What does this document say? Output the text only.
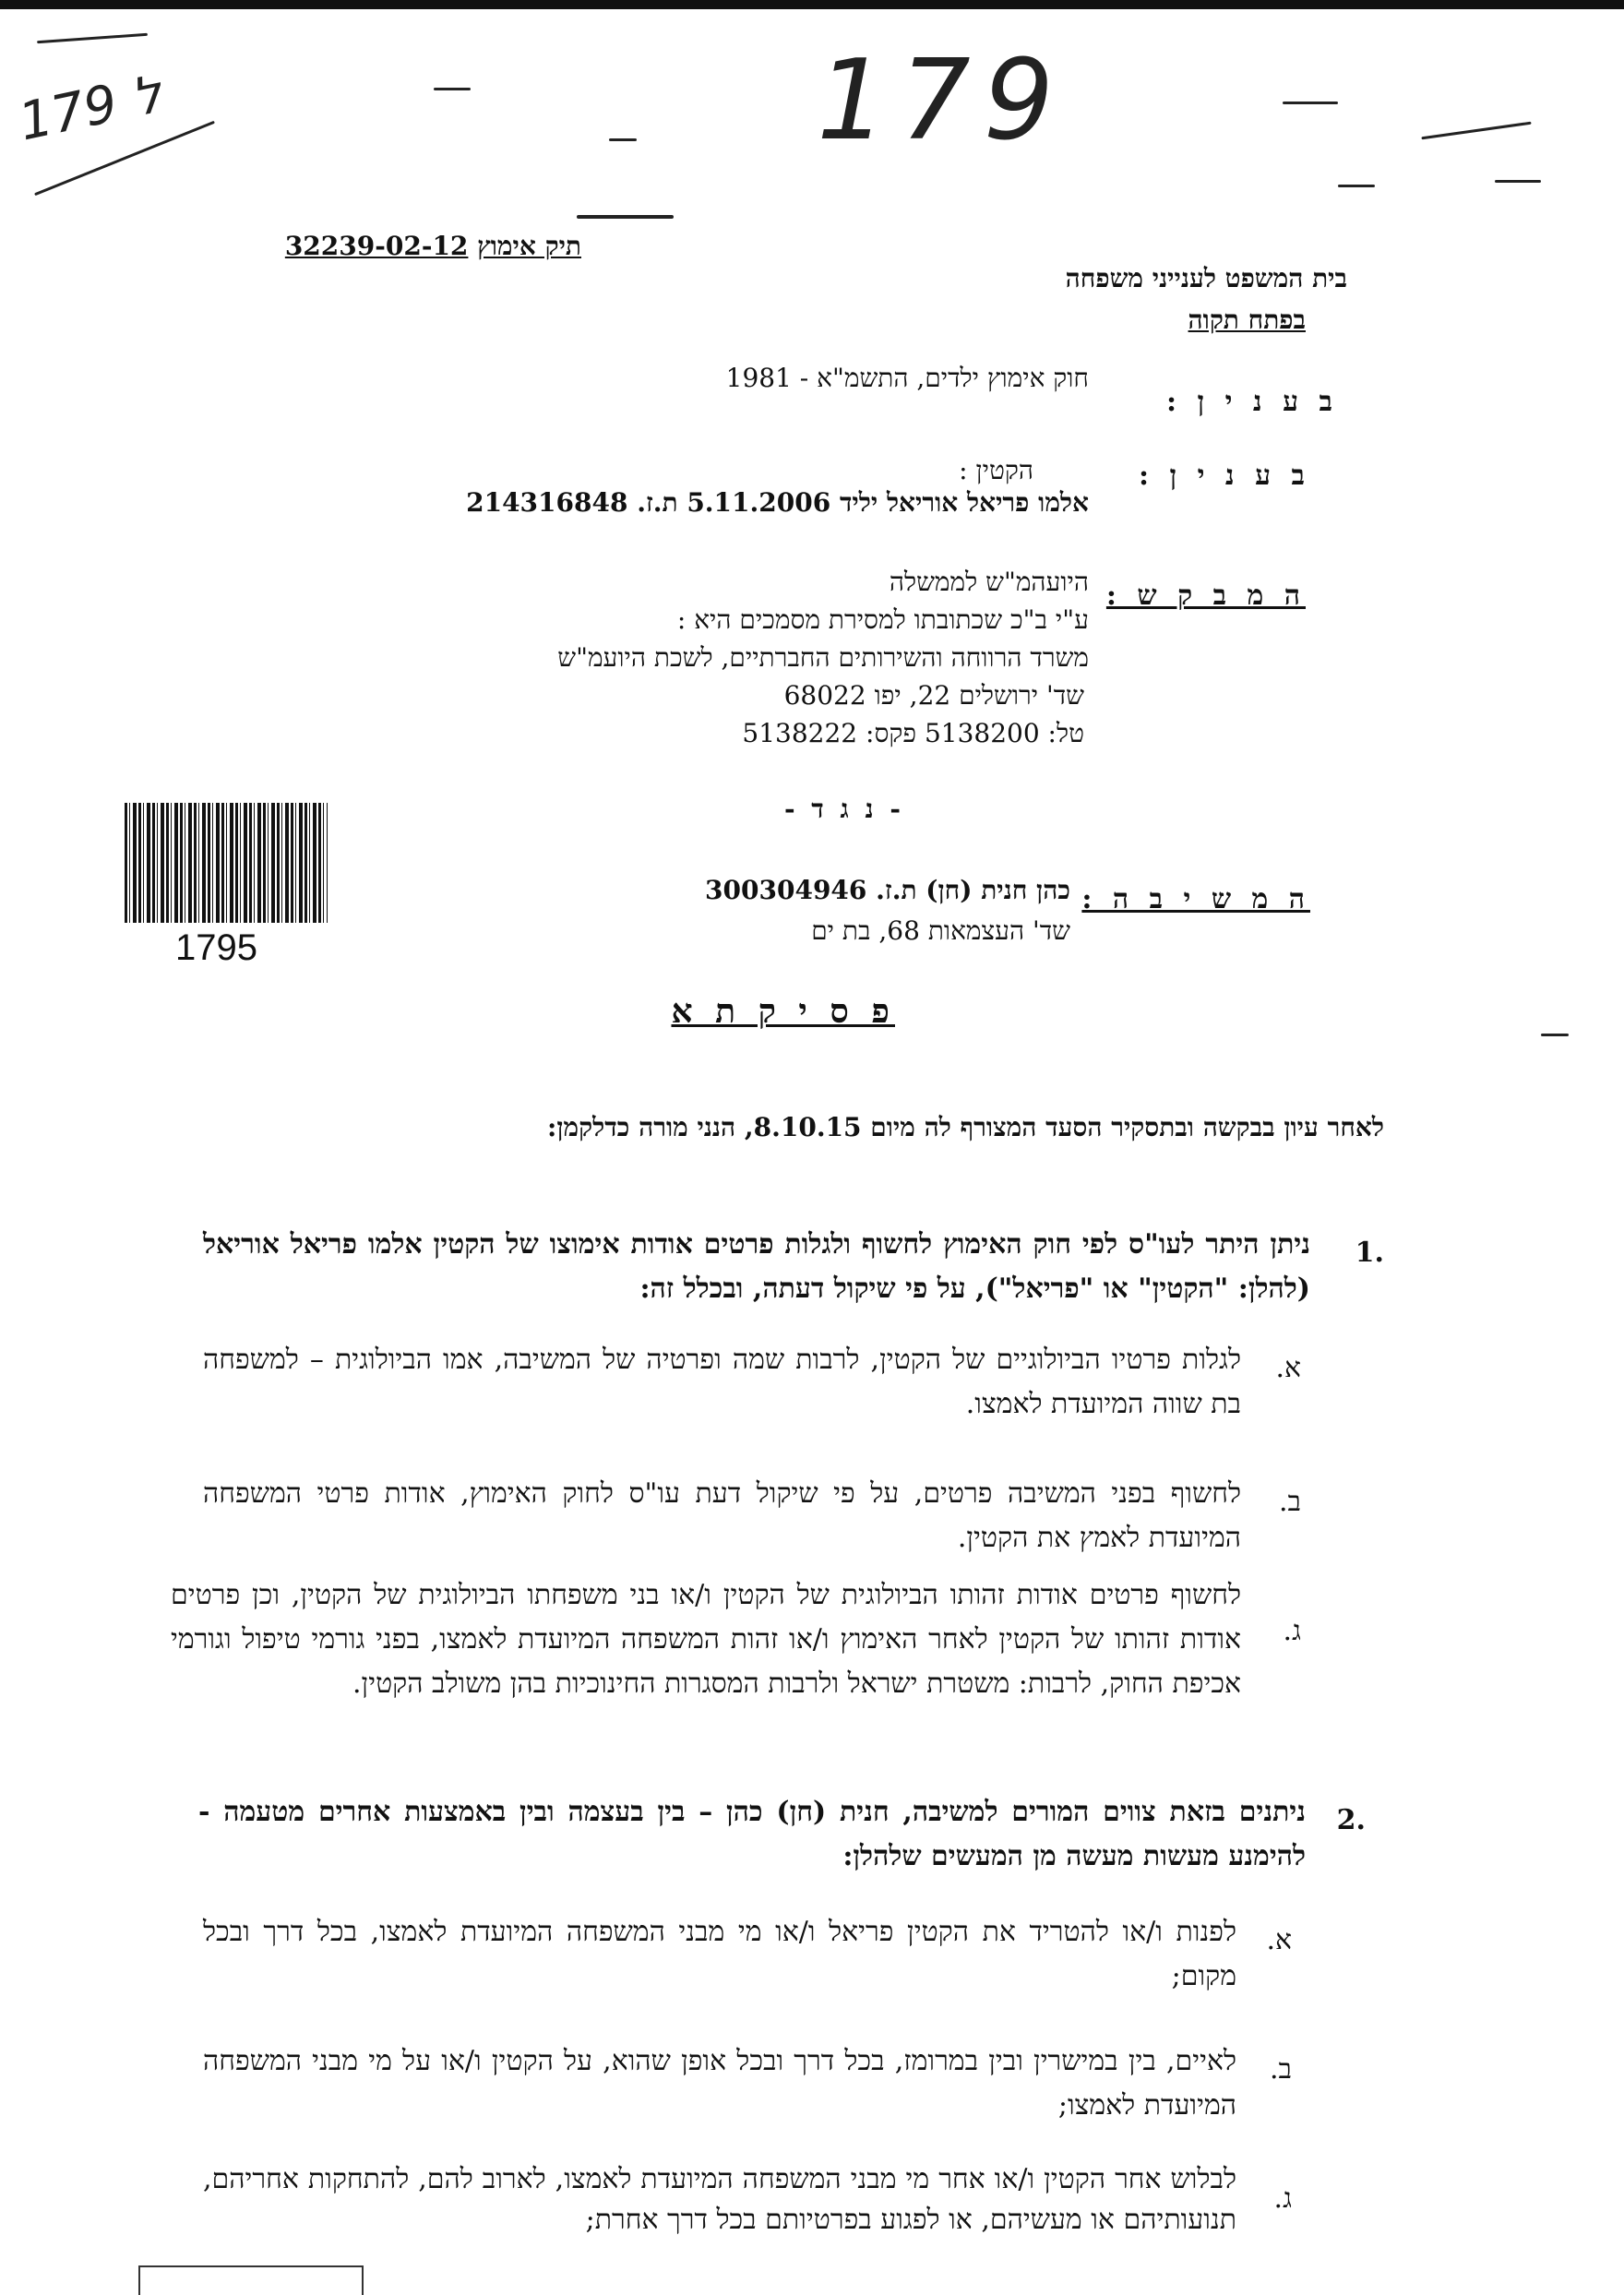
ל 179	179
תיק אימוץ 32239-02-12
בית המשפט לענייני משפחה
בפתח תקוה
ב ע נ י ן :
חוק אימוץ ילדים, התשמ"א - 1981
ב ע נ י ן :
הקטין :
אלמו פריאל אוריאל יליד 5.11.2006 ת.ז. 214316848
ה מ ב ק ש :
היועהמ"ש לממשלה
ע"י ב"כ שכתובתו למסירת מסמכים היא :
משרד הרווחה והשירותים החברתיים, לשכת היועמ"ש
שד' ירושלים 22, יפו 68022
טל: 5138200 פקס: 5138222
- נ ג ד -
1795
ה מ ש י ב ה :
כהן חנית (חן) ת.ז. 300304946
שד' העצמאות 68, בת ים
פ ס י ק ת א
לאחר עיון בבקשה ובתסקיר הסעד המצורף לה מיום 8.10.15, הנני מורה כדלקמן:
.1
ניתן היתר לעו"ס לפי חוק האימוץ לחשוף ולגלות פרטים אודות אימוצו של הקטין אלמו פריאל אוריאל (להלן: "הקטין" או "פריאל"), על פי שיקול דעתה, ובכלל זה:
א.
לגלות פרטיו הביולוגיים של הקטין, לרבות שמה ופרטיה של המשיבה, אמו הביולוגית – למשפחה בת שווה המיועדת לאמצו.
ב.
לחשוף בפני המשיבה פרטים, על פי שיקול דעת עו"ס לחוק האימוץ, אודות פרטי המשפחה המיועדת לאמץ את הקטין.
ג.
לחשוף פרטים אודות זהותו הביולוגית של הקטין ו/או בני משפחתו הביולוגית של הקטין, וכן פרטים אודות זהותו של הקטין לאחר האימוץ ו/או זהות המשפחה המיועדת לאמצו, בפני גורמי טיפול וגורמי אכיפת החוק, לרבות: משטרת ישראל ולרבות המסגרות החינוכיות בהן משולב הקטין.
.2
ניתנים בזאת צווים המורים למשיבה, חנית (חן) כהן – בין בעצמה ובין באמצעות אחרים מטעמה - להימנע מעשות מעשה מן המעשים שלהלן:
א.
לפנות ו/או להטריד את הקטין פריאל ו/או מי מבני המשפחה המיועדת לאמצו, בכל דרך ובכל מקום;
ב.
לאיים, בין במישרין ובין במרומז, בכל דרך ובכל אופן שהוא, על הקטין ו/או על מי מבני המשפחה המיועדת לאמצו;
ג.
לבלוש אחר הקטין ו/או אחר מי מבני המשפחה המיועדת לאמצו, לארוב להם, להתחקות אחריהם, תנועותיהם או מעשיהם, או לפגוע בפרטיותם בכל דרך אחרת;
